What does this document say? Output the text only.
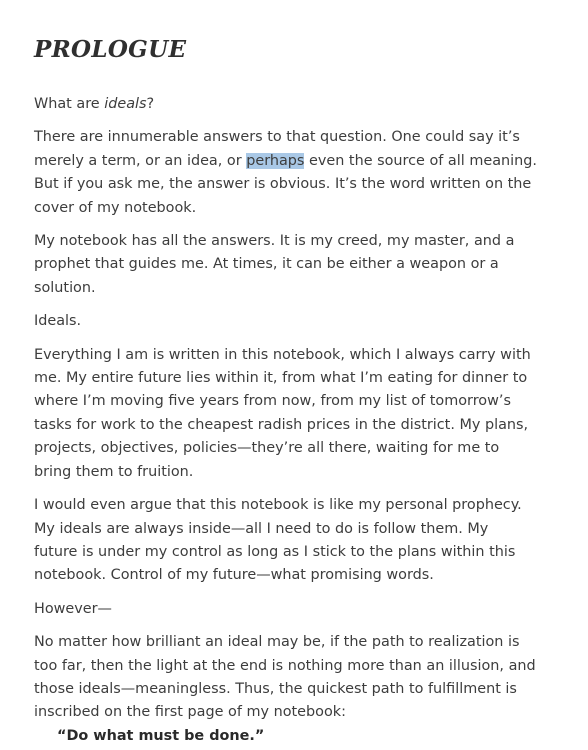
PROLOGUE

What are ideals?

There are innumerable answers to that question. One could say it’s
merely a term, or an idea, or perhaps even the source of all meaning.
But if you ask me, the answer is obvious. It’s the word written on the
cover of my notebook.

My notebook has all the answers. It is my creed, my master, and a
prophet that guides me. At times, it can be either a weapon or a
solution.

Ideals.

Everything I am is written in this notebook, which I always carry with
me. My entire future lies within it, from what I’m eating for dinner to
where I’m moving five years from now, from my list of tomorrow’s
tasks for work to the cheapest radish prices in the district. My plans,
projects, objectives, policies—they’re all there, waiting for me to
bring them to fruition.

I would even argue that this notebook is like my personal prophecy.
My ideals are always inside—all I need to do is follow them. My
future is under my control as long as I stick to the plans within this
notebook. Control of my future—what promising words.

However—

No matter how brilliant an ideal may be, if the path to realization is
too far, then the light at the end is nothing more than an illusion, and
those ideals—meaningless. Thus, the quickest path to fulfillment is
inscribed on the first page of my notebook:

“Do what must be done.”
